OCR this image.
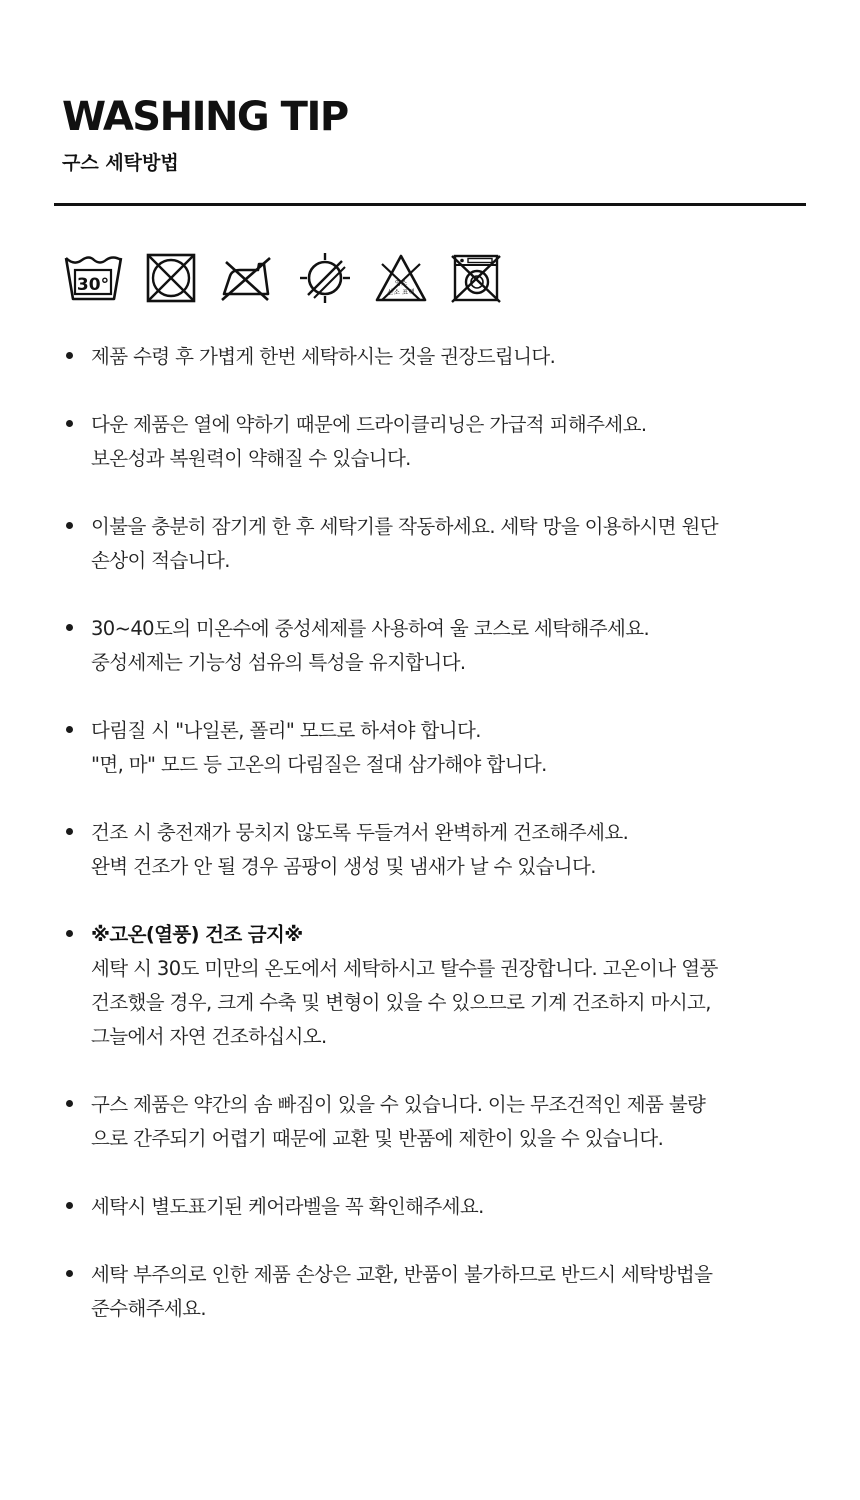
WASHING TIP
구스 세탁방법
30°	염소
산소 표백
제품 수령 후 가볍게 한번 세탁하시는 것을 권장드립니다.
다운 제품은 열에 약하기 때문에 드라이클리닝은 가급적 피해주세요.
보온성과 복원력이 약해질 수 있습니다.
이불을 충분히 잠기게 한 후 세탁기를 작동하세요. 세탁 망을 이용하시면 원단
손상이 적습니다.
30~40도의 미온수에 중성세제를 사용하여 울 코스로 세탁해주세요.
중성세제는 기능성 섬유의 특성을 유지합니다.
다림질 시 "나일론, 폴리" 모드로 하셔야 합니다.
"면, 마" 모드 등 고온의 다림질은 절대 삼가해야 합니다.
건조 시 충전재가 뭉치지 않도록 두들겨서 완벽하게 건조해주세요.
완벽 건조가 안 될 경우 곰팡이 생성 및 냄새가 날 수 있습니다.
※고온(열풍) 건조 금지※
세탁 시 30도 미만의 온도에서 세탁하시고 탈수를 권장합니다. 고온이나 열풍
건조했을 경우, 크게 수축 및 변형이 있을 수 있으므로 기계 건조하지 마시고,
그늘에서 자연 건조하십시오.
구스 제품은 약간의 솜 빠짐이 있을 수 있습니다. 이는 무조건적인 제품 불량
으로 간주되기 어렵기 때문에 교환 및 반품에 제한이 있을 수 있습니다.
세탁시 별도표기된 케어라벨을 꼭 확인해주세요.
세탁 부주의로 인한 제품 손상은 교환, 반품이 불가하므로 반드시 세탁방법을
준수해주세요.
